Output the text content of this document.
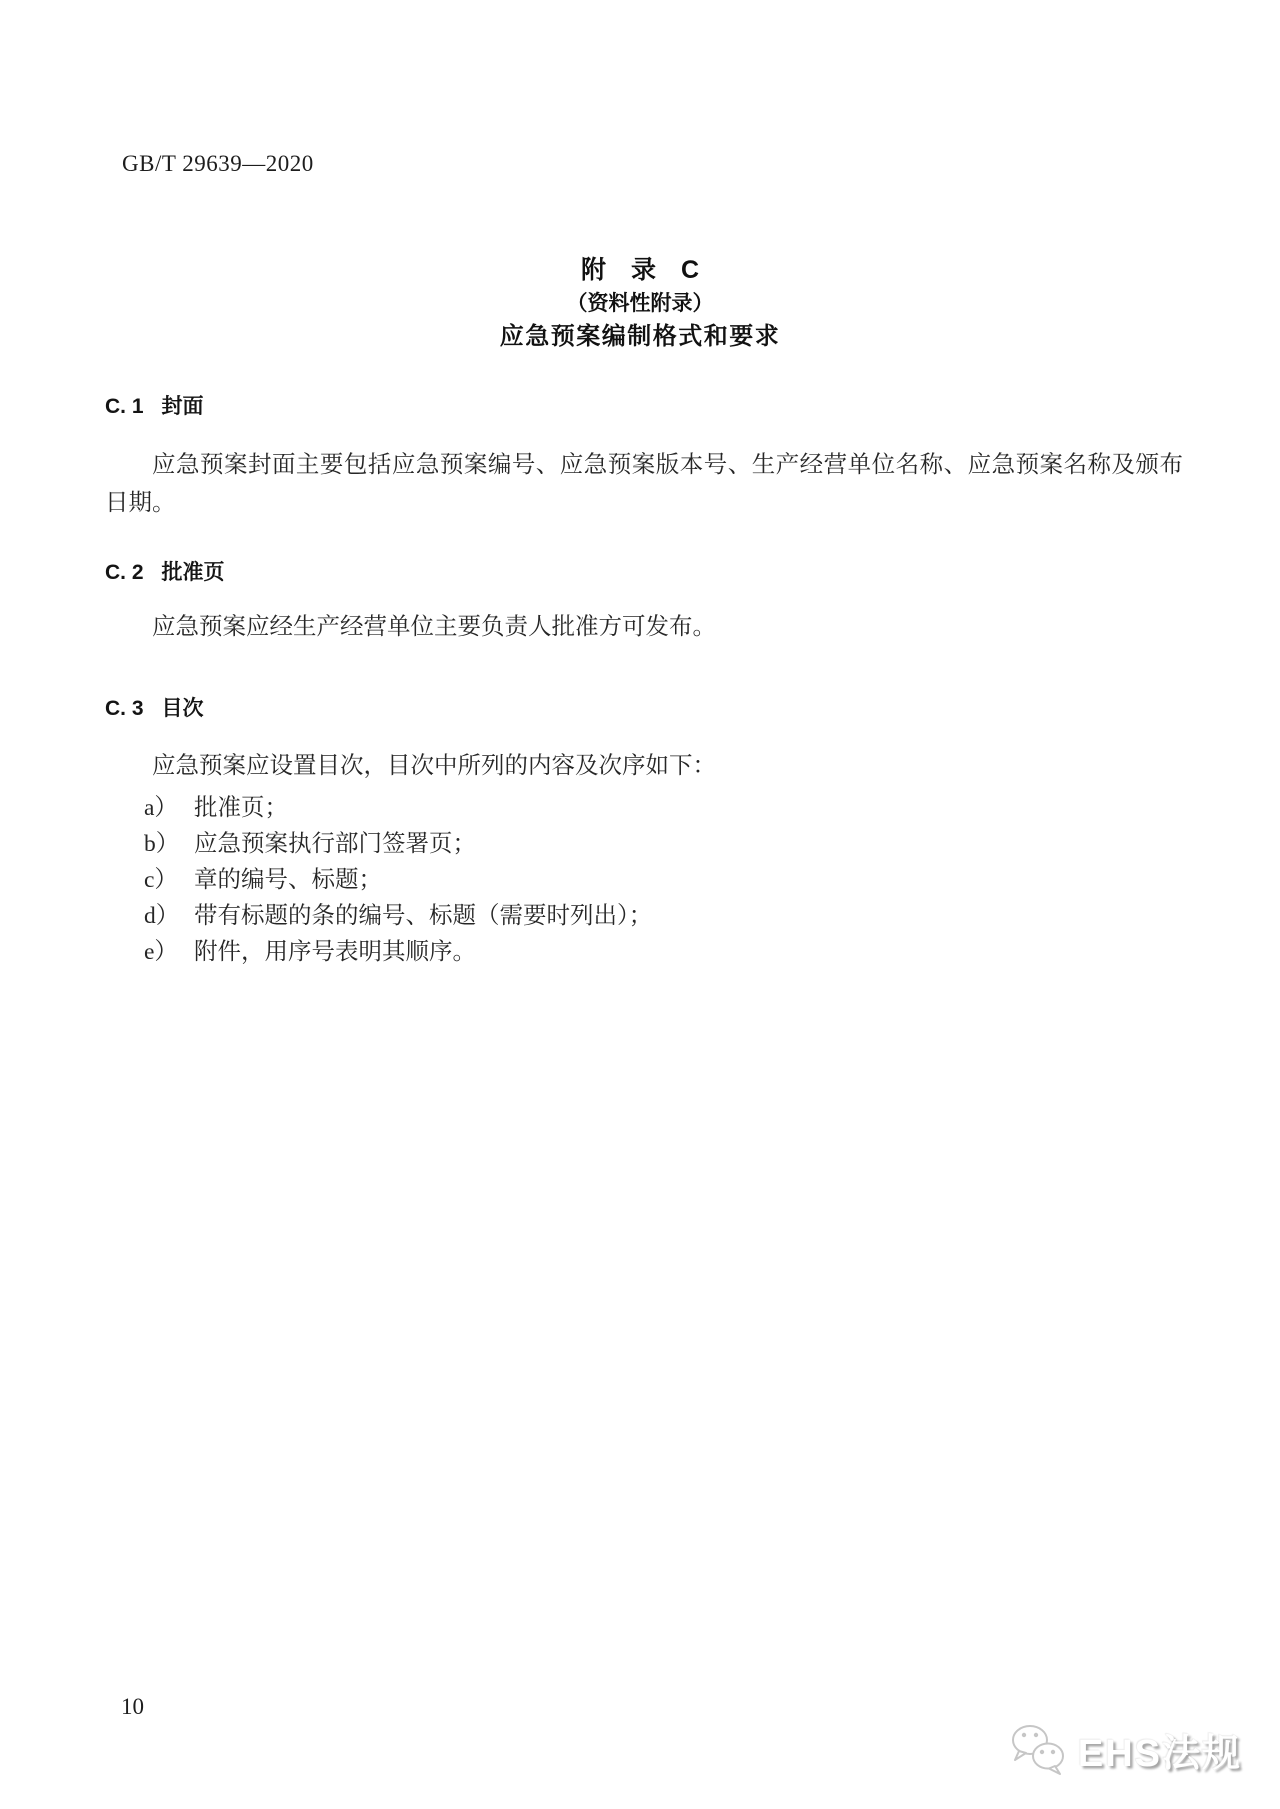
GB/T 29639—2020
附　录　C
（资料性附录）
应急预案编制格式和要求
C. 1 封面

应急预案封面主要包括应急预案编号、应急预案版本号、生产经营单位名称、应急预案名称及颁布日期。

C. 2 批准页

应急预案应经生产经营单位主要负责人批准方可发布。

C. 3 目次

应急预案应设置目次，目次中所列的内容及次序如下：

a） 批准页；
b） 应急预案执行部门签署页；
c） 章的编号、标题；
d） 带有标题的条的编号、标题（需要时列出）；
e） 附件，用序号表明其顺序。
10
EHS法规
